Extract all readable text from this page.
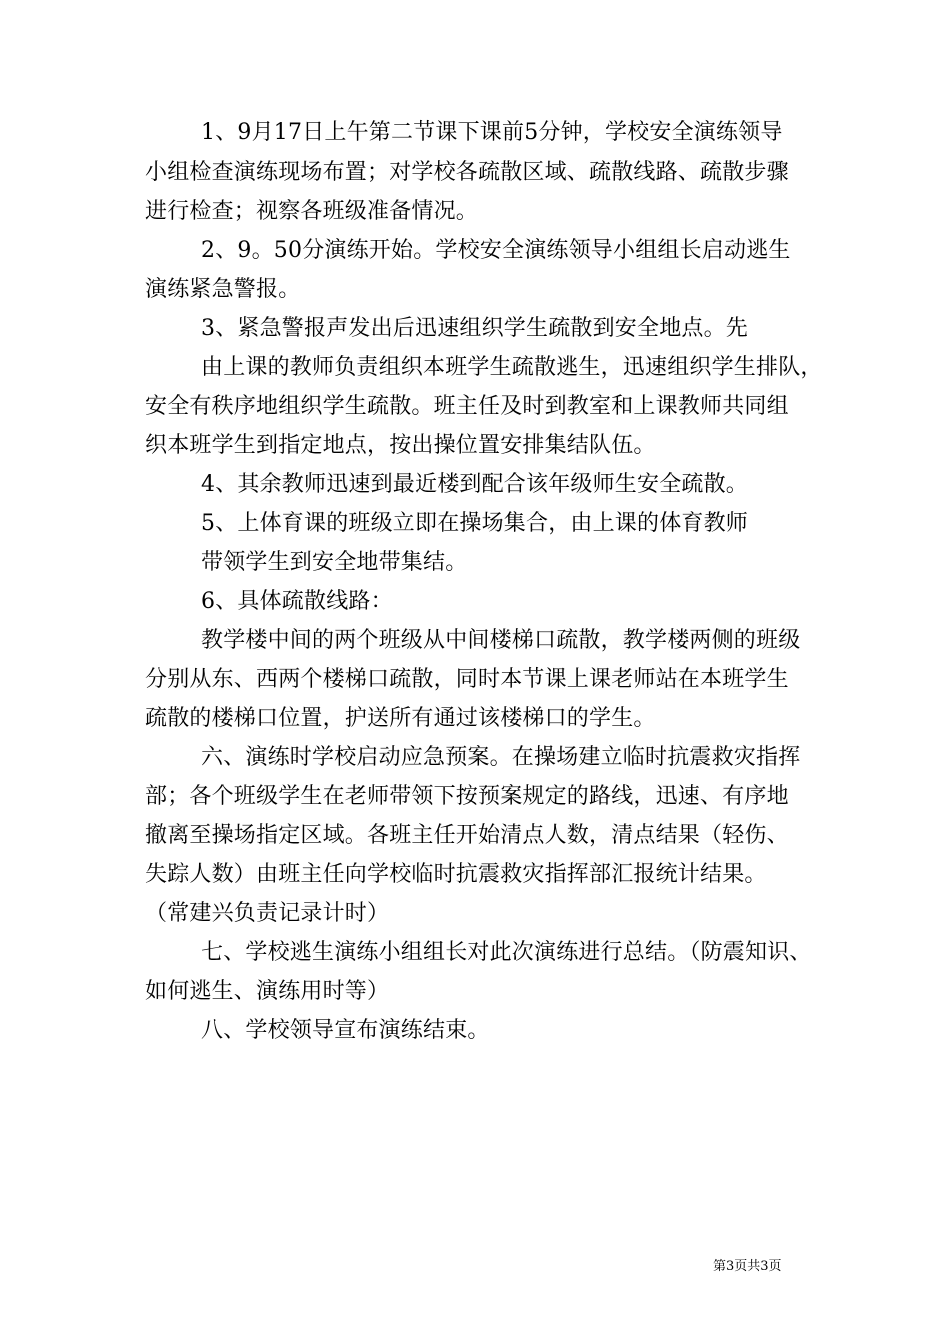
1、9月17日上午第二节课下课前5分钟，学校安全演练领导

小组检查演练现场布置；对学校各疏散区域、疏散线路、疏散步骤

进行检查；视察各班级准备情况。

2、9。50分演练开始。学校安全演练领导小组组长启动逃生

演练紧急警报。

3、紧急警报声发出后迅速组织学生疏散到安全地点。先

由上课的教师负责组织本班学生疏散逃生，迅速组织学生排队，

安全有秩序地组织学生疏散。班主任及时到教室和上课教师共同组

织本班学生到指定地点，按出操位置安排集结队伍。

4、其余教师迅速到最近楼到配合该年级师生安全疏散。

5、上体育课的班级立即在操场集合，由上课的体育教师

带领学生到安全地带集结。

6、具体疏散线路：

教学楼中间的两个班级从中间楼梯口疏散，教学楼两侧的班级

分别从东、西两个楼梯口疏散，同时本节课上课老师站在本班学生

疏散的楼梯口位置，护送所有通过该楼梯口的学生。

六、演练时学校启动应急预案。在操场建立临时抗震救灾指挥

部；各个班级学生在老师带领下按预案规定的路线，迅速、有序地

撤离至操场指定区域。各班主任开始清点人数，清点结果（轻伤、

失踪人数）由班主任向学校临时抗震救灾指挥部汇报统计结果。

（常建兴负责记录计时）

七、学校逃生演练小组组长对此次演练进行总结。（防震知识、

如何逃生、演练用时等）

八、学校领导宣布演练结束。

第3页共3页
